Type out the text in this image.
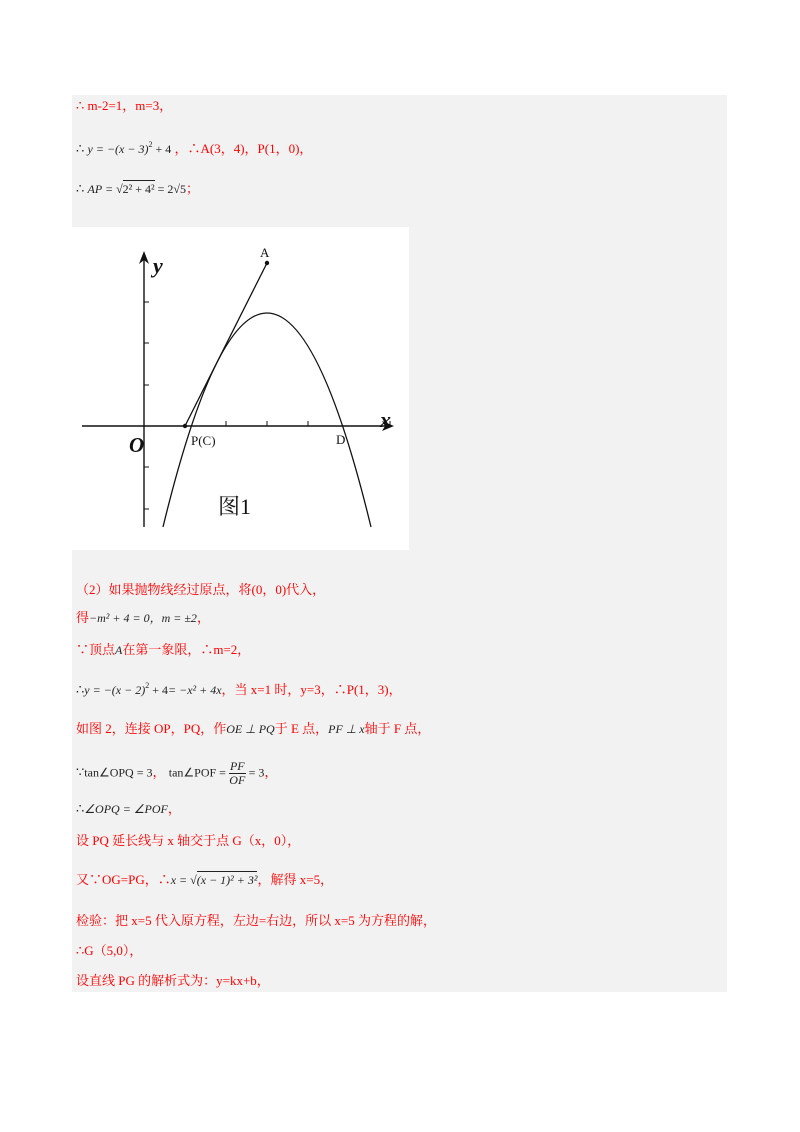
∴ m-2=1，m=3，
∴ $y = -(x - 3)^2 + 4$ ，∴A(3，4)，P(1，0)，
∴ AP = √2² + 4² = 2√5；
A
P(C)	D
O
y
x
图1
（2）如果抛物线经过原点，将(0，0)代入，
得−m² + 4 = 0，m = ±2，
∵顶点A在第一象限，∴m=2，
∴y = $-(x - 2)^2 + 4= -x^2 + 4x$，当 x=1 时，y=3，∴P(1，3)，
如图 2，连接 OP，PQ，作OE ⊥ PQ于 E 点，PF ⊥ x轴于 F 点，
∵tan∠OPQ = 3， tan∠POF = $\frac{PF}{OF} = 3$，
∴∠OPQ = ∠POF，
设 PQ 延长线与 x 轴交于点 G（x，0），
又∵OG=PG，∴x = √(x − 1)² + 3²，解得 x=5，
检验：把 x=5 代入原方程，左边=右边，所以 x=5 为方程的解，
∴G（5,0），
设直线 PG 的解析式为：y=kx+b，
